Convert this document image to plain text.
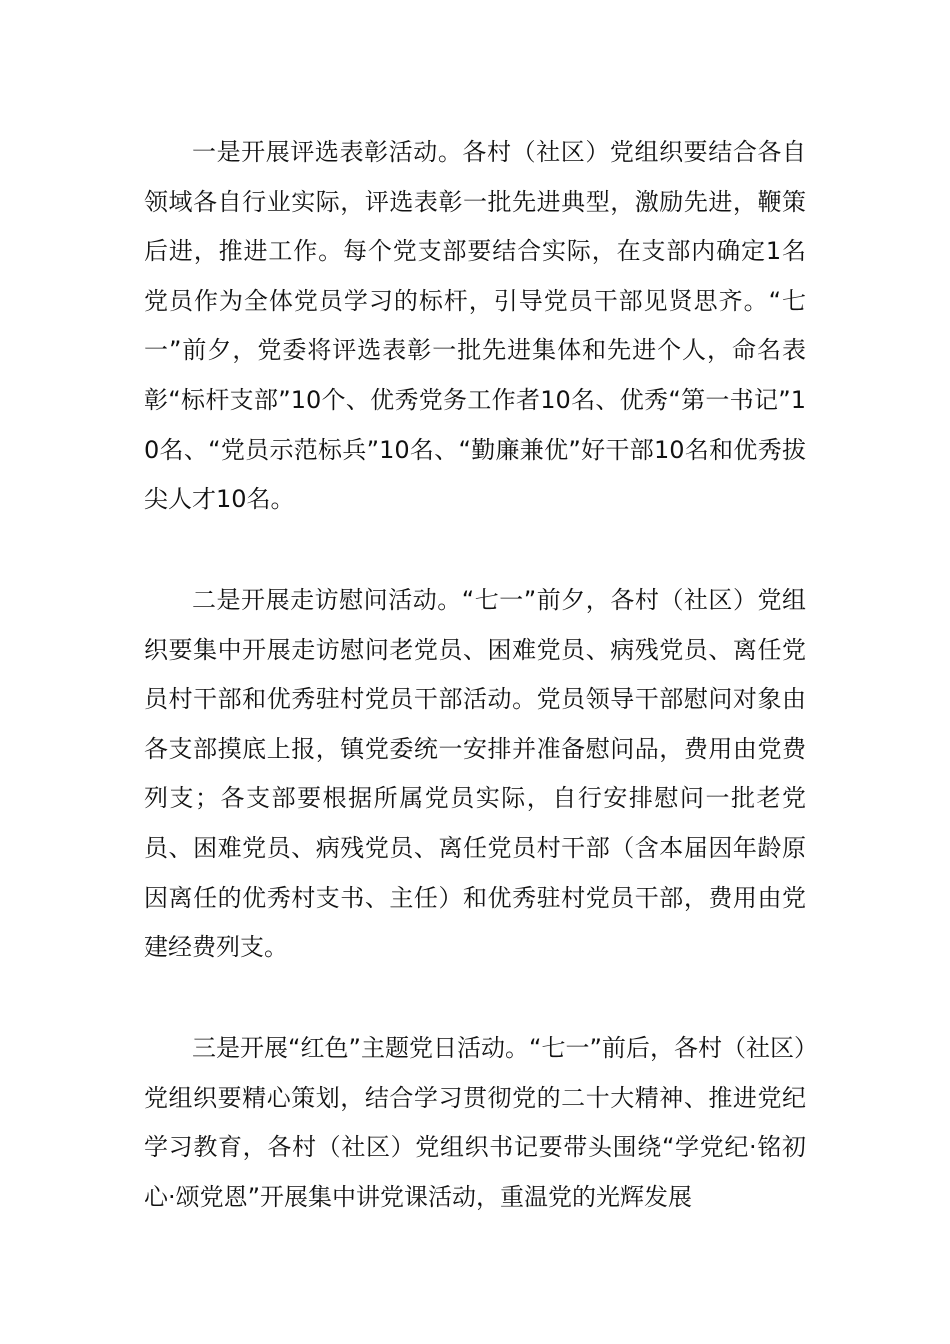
一是开展评选表彰活动。各村（社区）党组织要结合各自领域各自行业实际，评选表彰一批先进典型，激励先进，鞭策后进，推进工作。每个党支部要结合实际，在支部内确定1名党员作为全体党员学习的标杆，引导党员干部见贤思齐。“七一”前夕，党委将评选表彰一批先进集体和先进个人，命名表彰“标杆支部”10个、优秀党务工作者10名、优秀“第一书记”10名、“党员示范标兵”10名、“勤廉兼优”好干部10名和优秀拔尖人才10名。

二是开展走访慰问活动。“七一”前夕，各村（社区）党组织要集中开展走访慰问老党员、困难党员、病残党员、离任党员村干部和优秀驻村党员干部活动。党员领导干部慰问对象由各支部摸底上报，镇党委统一安排并准备慰问品，费用由党费列支；各支部要根据所属党员实际，自行安排慰问一批老党员、困难党员、病残党员、离任党员村干部（含本届因年龄原因离任的优秀村支书、主任）和优秀驻村党员干部，费用由党建经费列支。

三是开展“红色”主题党日活动。“七一”前后，各村（社区）党组织要精心策划，结合学习贯彻党的二十大精神、推进党纪学习教育，各村（社区）党组织书记要带头围绕“学党纪·铭初心·颂党恩”开展集中讲党课活动，重温党的光辉发展
